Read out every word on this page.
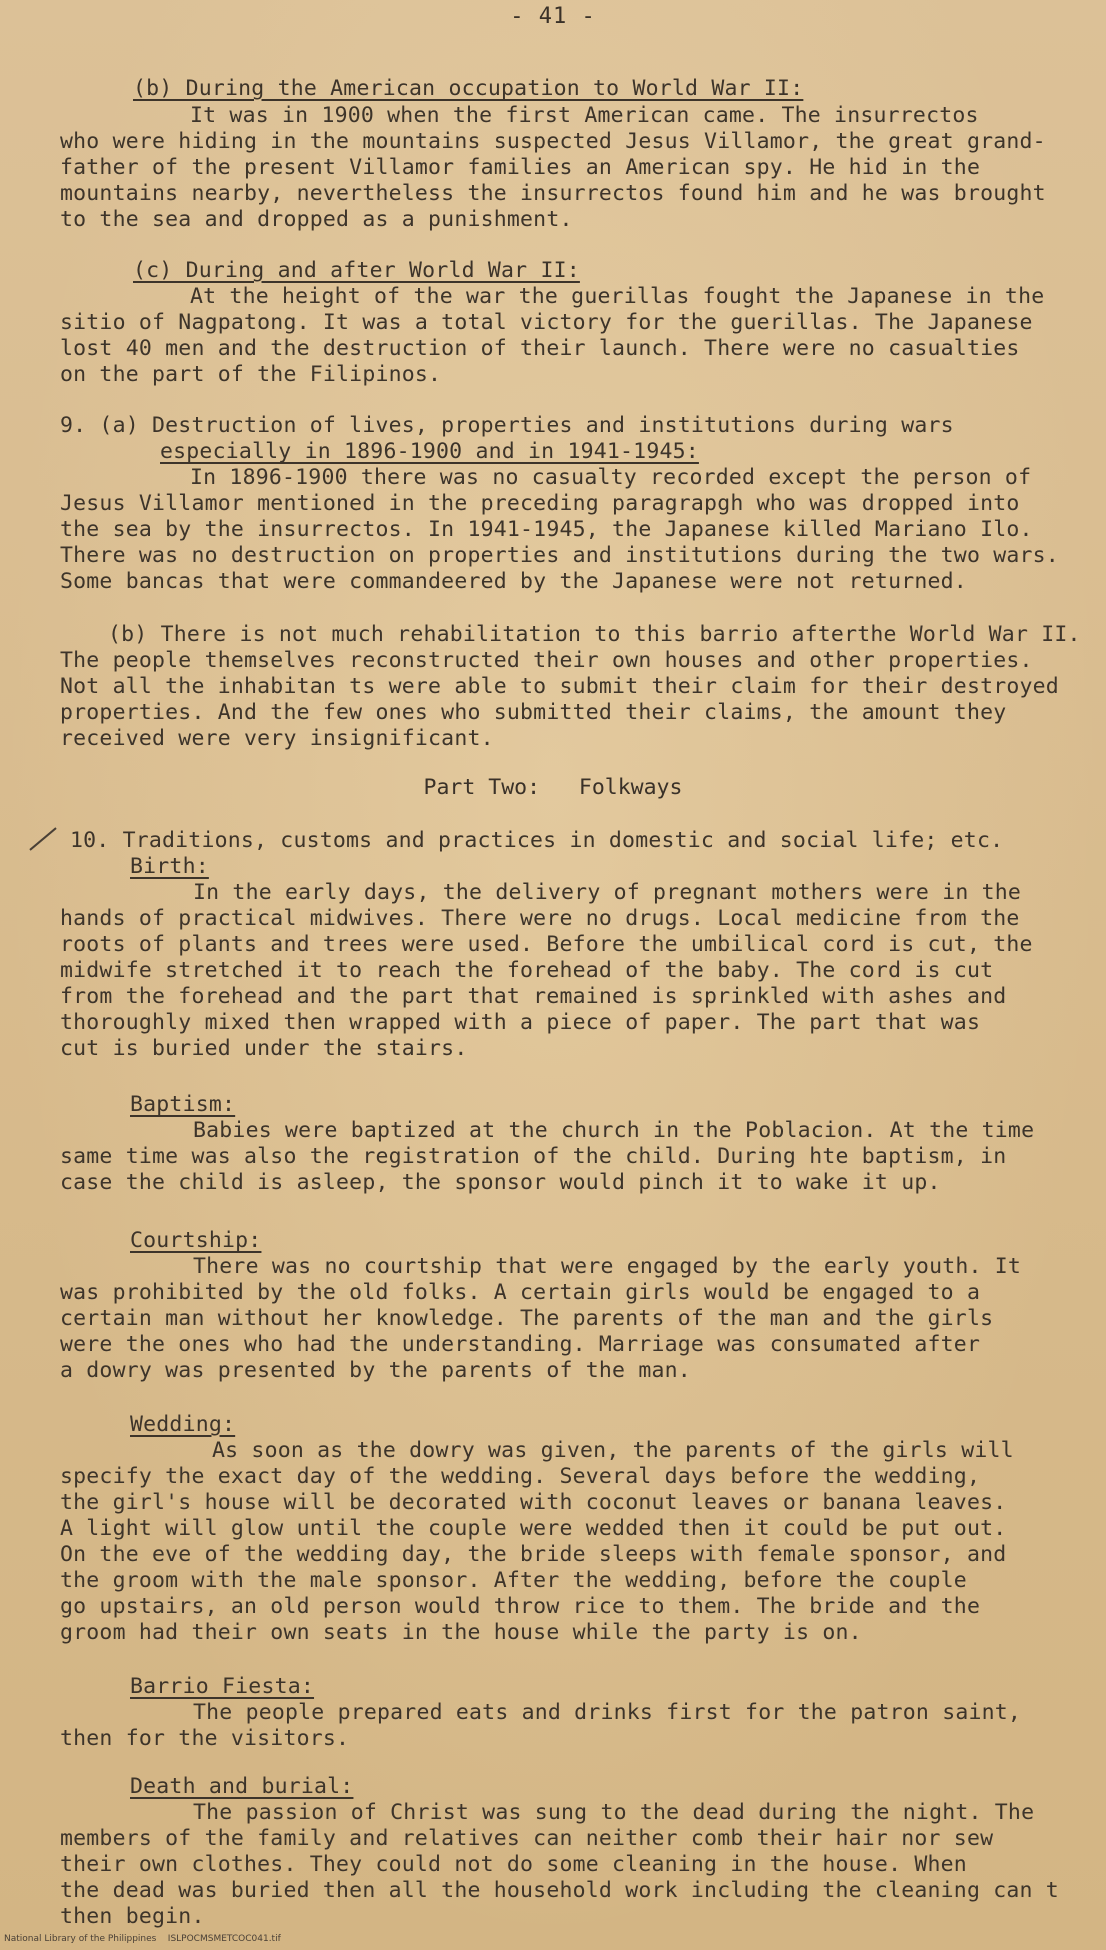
- 41 -
(b) During the American occupation to World War II:
It was in 1900 when the first American came. The insurrectos
who were hiding in the mountains suspected Jesus Villamor, the great grand-
father of the present Villamor families an American spy. He hid in the
mountains nearby, nevertheless the insurrectos found him and he was brought
to the sea and dropped as a punishment.
(c) During and after World War II:
At the height of the war the guerillas fought the Japanese in the
sitio of Nagpatong. It was a total victory for the guerillas. The Japanese
lost 40 men and the destruction of their launch. There were no casualties
on the part of the Filipinos.
9. (a) Destruction of lives, properties and institutions during wars
especially in 1896-1900 and in 1941-1945:
In 1896-1900 there was no casualty recorded except the person of
Jesus Villamor mentioned in the preceding paragrapgh who was dropped into
the sea by the insurrectos. In 1941-1945, the Japanese killed Mariano Ilo.
There was no destruction on properties and institutions during the two wars.
Some bancas that were commandeered by the Japanese were not returned.
(b) There is not much rehabilitation to this barrio afterthe World War II.
The people themselves reconstructed their own houses and other properties.
Not all the inhabitan ts were able to submit their claim for their destroyed
properties. And the few ones who submitted their claims, the amount they
received were very insignificant.
Part Two:   Folkways
10. Traditions, customs and practices in domestic and social life; etc.
Birth:
In the early days, the delivery of pregnant mothers were in the
hands of practical midwives. There were no drugs. Local medicine from the
roots of plants and trees were used. Before the umbilical cord is cut, the
midwife stretched it to reach the forehead of the baby. The cord is cut
from the forehead and the part that remained is sprinkled with ashes and
thoroughly mixed then wrapped with a piece of paper. The part that was
cut is buried under the stairs.
Baptism:
Babies were baptized at the church in the Poblacion. At the time
same time was also the registration of the child. During hte baptism, in
case the child is asleep, the sponsor would pinch it to wake it up.
Courtship:
There was no courtship that were engaged by the early youth. It
was prohibited by the old folks. A certain girls would be engaged to a
certain man without her knowledge. The parents of the man and the girls
were the ones who had the understanding. Marriage was consumated after
a dowry was presented by the parents of the man.
Wedding:
As soon as the dowry was given, the parents of the girls will
specify the exact day of the wedding. Several days before the wedding,
the girl's house will be decorated with coconut leaves or banana leaves.
A light will glow until the couple were wedded then it could be put out.
On the eve of the wedding day, the bride sleeps with female sponsor, and
the groom with the male sponsor. After the wedding, before the couple
go upstairs, an old person would throw rice to them. The bride and the
groom had their own seats in the house while the party is on.
Barrio Fiesta:
The people prepared eats and drinks first for the patron saint,
then for the visitors.
Death and burial:
The passion of Christ was sung to the dead during the night. The
members of the family and relatives can neither comb their hair nor sew
their own clothes. They could not do some cleaning in the house. When
the dead was buried then all the household work including the cleaning can t
then begin.
National Library of the Philippines    ISLPOCMSMETCOC041.tif
